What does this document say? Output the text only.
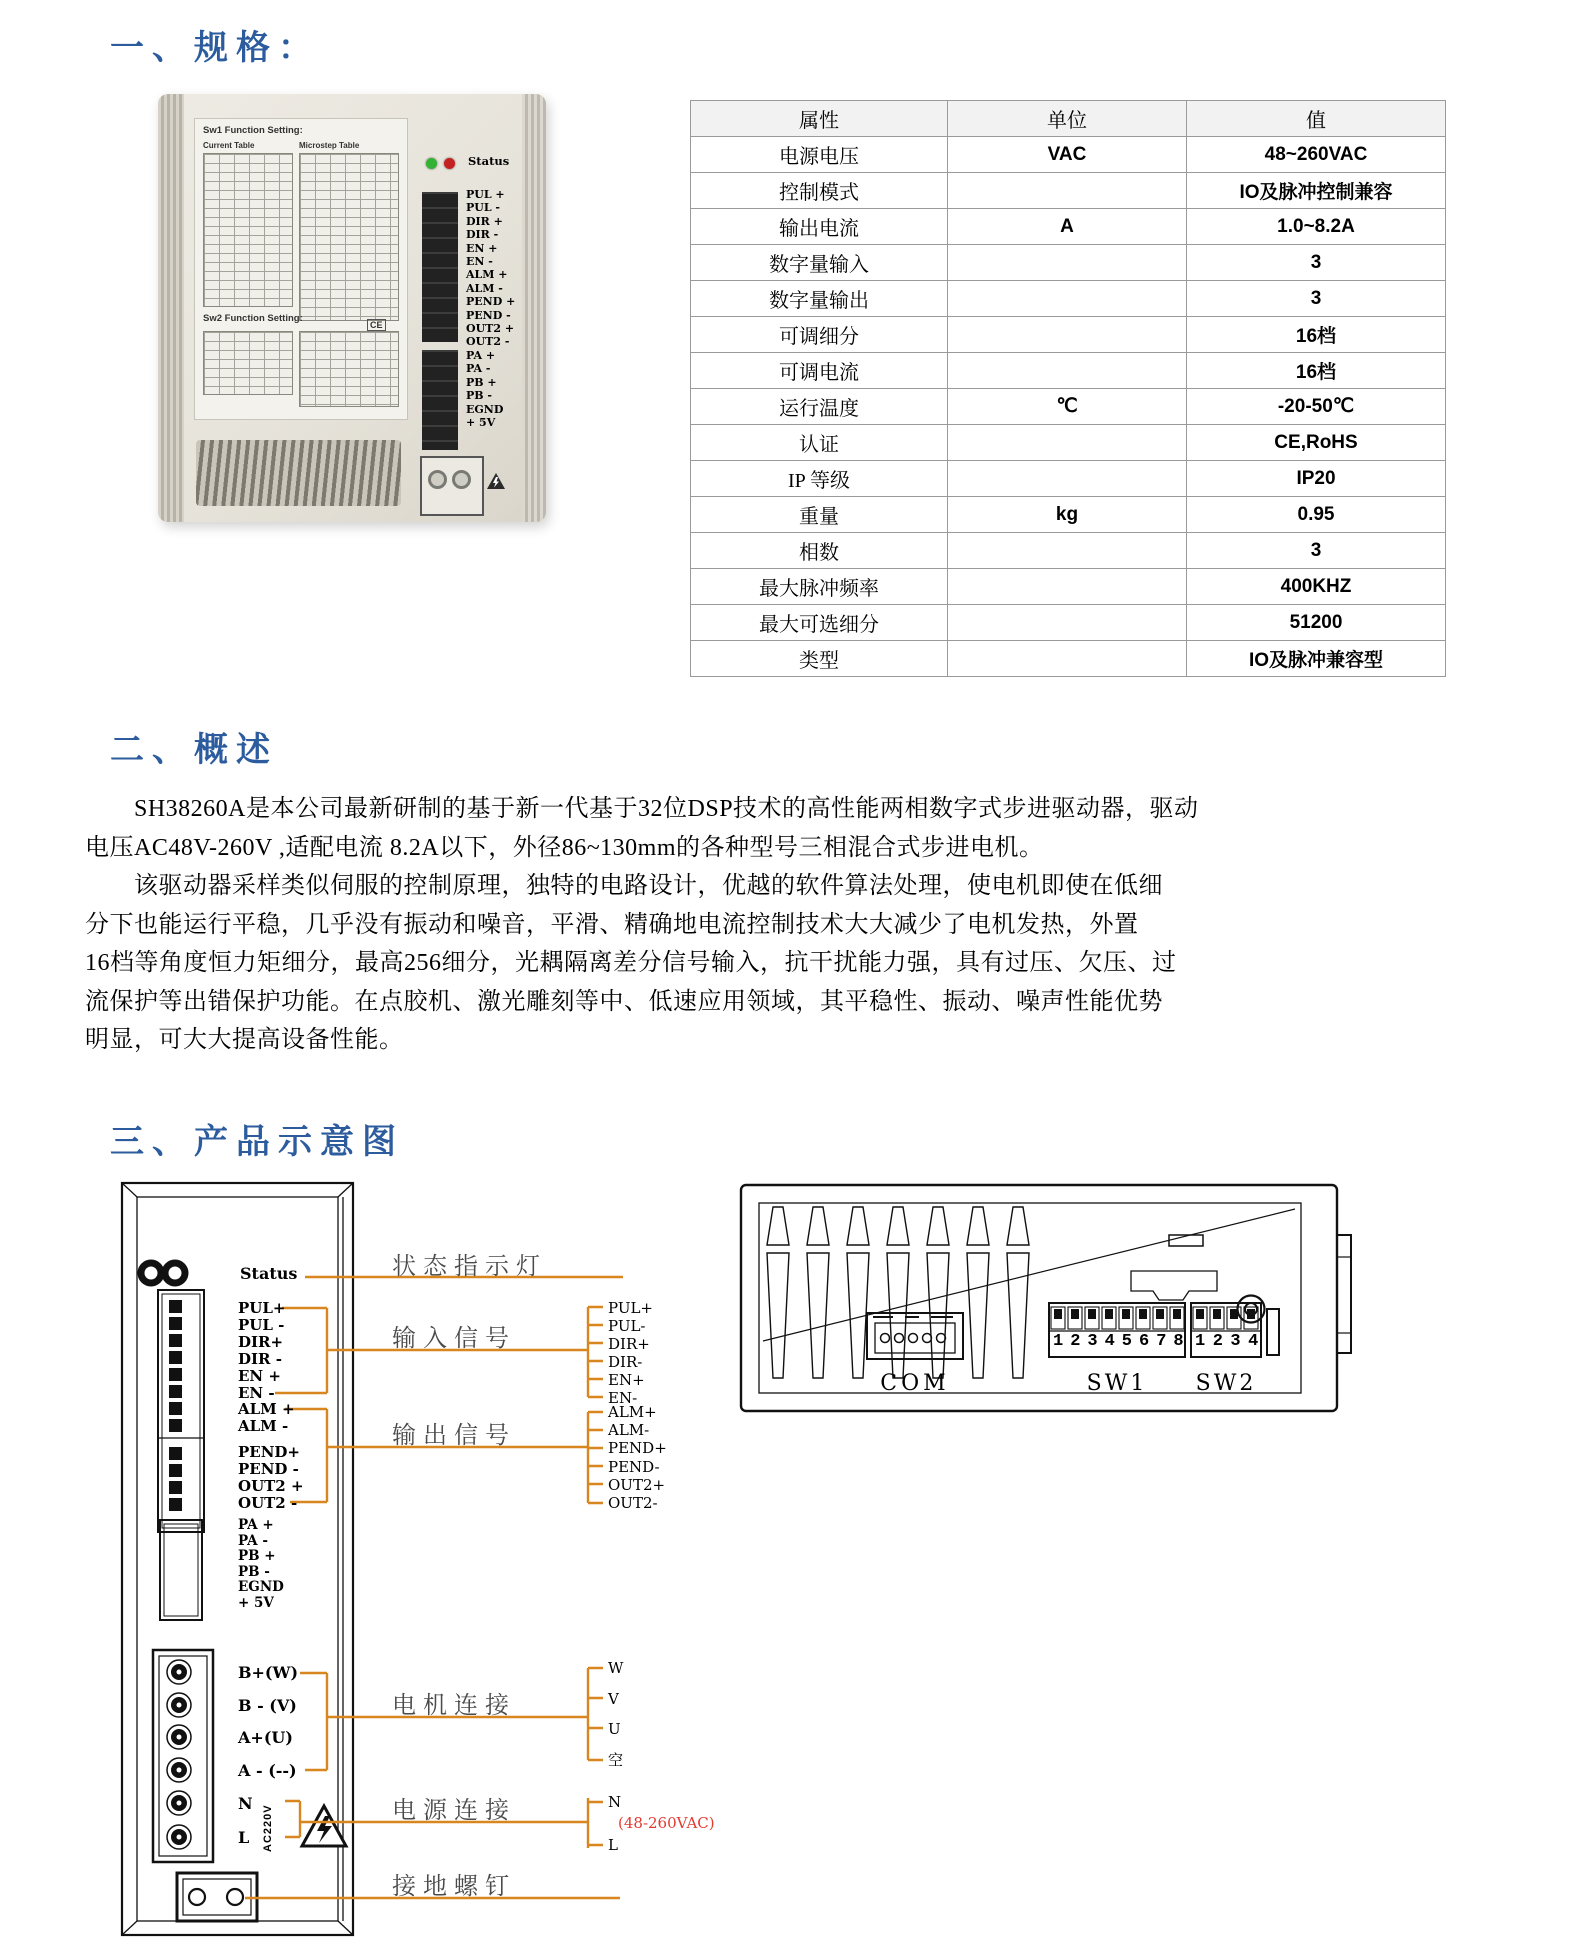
一、规格：
Sw1 Function Setting:
Current Table	Microstep Table
Sw2 Function Setting:
CE
Status
PUL +
PUL -
DIR +
DIR -
EN +
EN -
ALM +
ALM -
PEND +
PEND -
OUT2 +
OUT2 -
PA +
PA -
PB +
PB -
EGND
+ 5V
属性	单位	值
电源电压	VAC	48~260VAC
控制模式		IO及脉冲控制兼容
输出电流	A	1.0~8.2A
数字量输入		3
数字量输出		3
可调细分		16档
可调电流		16档
运行温度	℃	-20-50℃
认证		CE,RoHS
IP 等级		IP20
重量	kg	0.95
相数		3
最大脉冲频率		400KHZ
最大可选细分		51200
类型		IO及脉冲兼容型
二、概述
　　SH38260A是本公司最新研制的基于新一代基于32位DSP技术的高性能两相数字式步进驱动器，驱动
电压AC48V-260V ,适配电流 8.2A以下，外径86~130mm的各种型号三相混合式步进电机。
　　该驱动器采样类似伺服的控制原理，独特的电路设计，优越的软件算法处理，使电机即使在低细
分下也能运行平稳，几乎没有振动和噪音，平滑、精确地电流控制技术大大减少了电机发热，外置
16档等角度恒力矩细分，最高256细分，光耦隔离差分信号输入，抗干扰能力强，具有过压、欠压、过
流保护等出错保护功能。在点胶机、激光雕刻等中、低速应用领域，其平稳性、振动、噪声性能优势
明显，可大大提高设备性能。
三、产品示意图
Status
PUL+
PUL -
DIR+
DIR -
EN +
EN -
ALM +
ALM -
PEND+
PEND -
OUT2 +
OUT2 -
PA +
PA -
PB +
PB -
EGND
+ 5V
B+(W)
B - (V)
A+(U)
A - (--)
N
L	AC220V
状态指示灯
输入信号
输出信号
电机连接
电源连接
接地螺钉
PUL+
PUL-
DIR+
DIR-
EN+
EN-
ALM+
ALM-
PEND+
PEND-
OUT2+
OUT2-
W
V
U
空
N
(48-260VAC)
L
12345678 1234
COM	SW1	SW2
